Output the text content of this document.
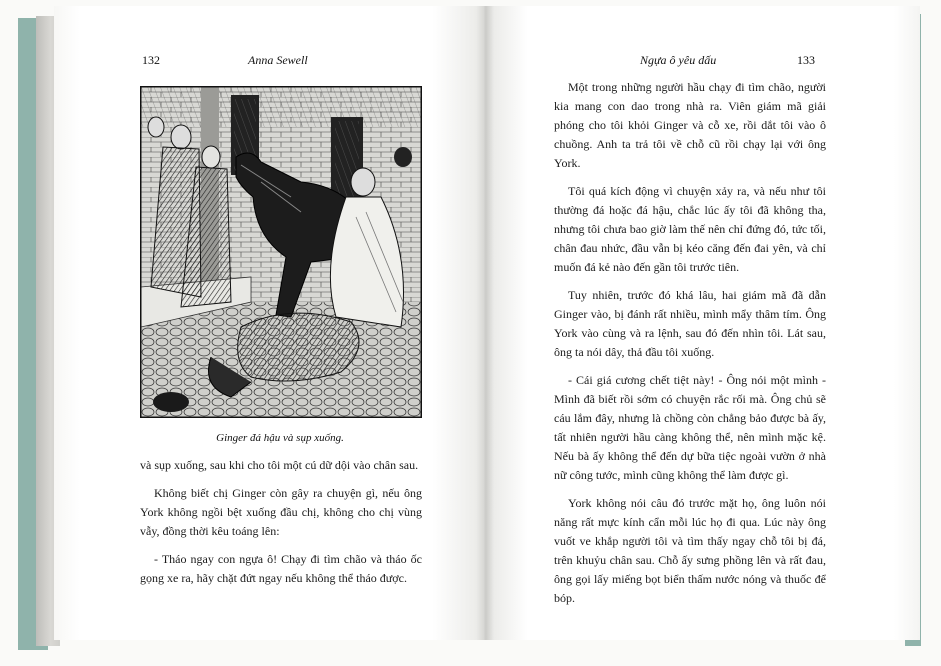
132	Anna Sewell	Ngựa ô yêu dấu	133
Ginger đá hậu và sụp xuống.

và sụp xuống, sau khi cho tôi một cú dữ dội vào chân sau.

Không biết chị Ginger còn gây ra chuyện gì, nếu ông York không ngồi bệt xuống đầu chị, không cho chị vùng vẫy, đồng thời kêu toáng lên:

- Tháo ngay con ngựa ô! Chạy đi tìm chão và tháo ốc gọng xe ra, hãy chặt đứt ngay nếu không thể tháo được.

Một trong những người hầu chạy đi tìm chão, người kia mang con dao trong nhà ra. Viên giám mã giải phóng cho tôi khỏi Ginger và cỗ xe, rồi dắt tôi vào ô chuồng. Anh ta trả tôi về chỗ cũ rồi chạy lại với ông York.

Tôi quá kích động vì chuyện xảy ra, và nếu như tôi thường đá hoặc đá hậu, chắc lúc ấy tôi đã không tha, nhưng tôi chưa bao giờ làm thế nên chỉ đứng đó, tức tối, chân đau nhức, đầu vẫn bị kéo căng đến đai yên, và chỉ muốn đá kẻ nào đến gần tôi trước tiên.

Tuy nhiên, trước đó khá lâu, hai giám mã đã dẫn Ginger vào, bị đánh rất nhiều, mình mẩy thâm tím. Ông York vào cùng và ra lệnh, sau đó đến nhìn tôi. Lát sau, ông ta nói dây, thả đầu tôi xuống.

- Cái giá cương chết tiệt này! - Ông nói một mình - Mình đã biết rồi sớm có chuyện rắc rối mà. Ông chủ sẽ cáu lắm đây, nhưng là chồng còn chẳng bảo được bà ấy, tất nhiên người hầu càng không thể, nên mình mặc kệ. Nếu bà ấy không thể đến dự bữa tiệc ngoài vườn ở nhà nữ công tước, mình cũng không thể làm được gì.

York không nói câu đó trước mặt họ, ông luôn nói năng rất mực kính cẩn mỗi lúc họ đi qua. Lúc này ông vuốt ve khắp người tôi và tìm thấy ngay chỗ tôi bị đá, trên khuỷu chân sau. Chỗ ấy sưng phồng lên và rất đau, ông gọi lấy miếng bọt biển thấm nước nóng và thuốc để bóp.
